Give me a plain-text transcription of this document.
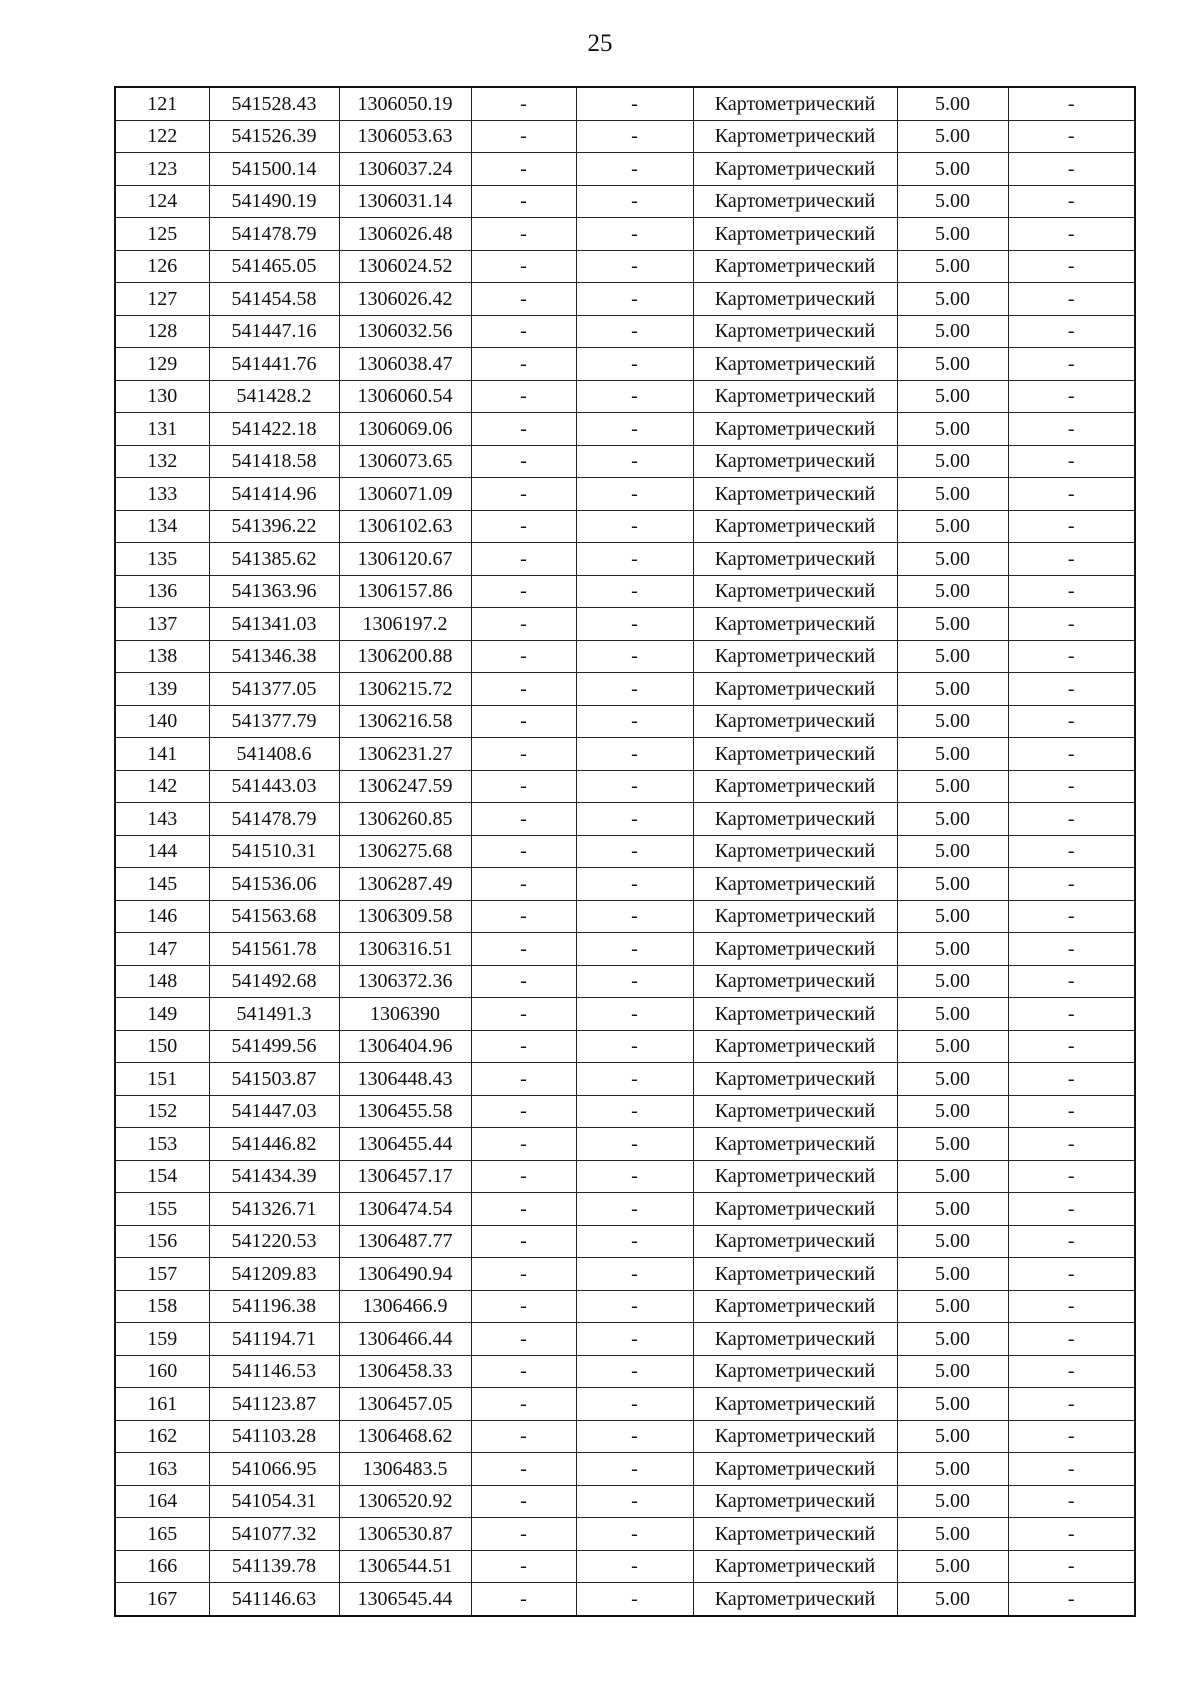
25
121	541528.43	1306050.19	-	-	Картометрический	5.00	-
122	541526.39	1306053.63	-	-	Картометрический	5.00	-
123	541500.14	1306037.24	-	-	Картометрический	5.00	-
124	541490.19	1306031.14	-	-	Картометрический	5.00	-
125	541478.79	1306026.48	-	-	Картометрический	5.00	-
126	541465.05	1306024.52	-	-	Картометрический	5.00	-
127	541454.58	1306026.42	-	-	Картометрический	5.00	-
128	541447.16	1306032.56	-	-	Картометрический	5.00	-
129	541441.76	1306038.47	-	-	Картометрический	5.00	-
130	541428.2	1306060.54	-	-	Картометрический	5.00	-
131	541422.18	1306069.06	-	-	Картометрический	5.00	-
132	541418.58	1306073.65	-	-	Картометрический	5.00	-
133	541414.96	1306071.09	-	-	Картометрический	5.00	-
134	541396.22	1306102.63	-	-	Картометрический	5.00	-
135	541385.62	1306120.67	-	-	Картометрический	5.00	-
136	541363.96	1306157.86	-	-	Картометрический	5.00	-
137	541341.03	1306197.2	-	-	Картометрический	5.00	-
138	541346.38	1306200.88	-	-	Картометрический	5.00	-
139	541377.05	1306215.72	-	-	Картометрический	5.00	-
140	541377.79	1306216.58	-	-	Картометрический	5.00	-
141	541408.6	1306231.27	-	-	Картометрический	5.00	-
142	541443.03	1306247.59	-	-	Картометрический	5.00	-
143	541478.79	1306260.85	-	-	Картометрический	5.00	-
144	541510.31	1306275.68	-	-	Картометрический	5.00	-
145	541536.06	1306287.49	-	-	Картометрический	5.00	-
146	541563.68	1306309.58	-	-	Картометрический	5.00	-
147	541561.78	1306316.51	-	-	Картометрический	5.00	-
148	541492.68	1306372.36	-	-	Картометрический	5.00	-
149	541491.3	1306390	-	-	Картометрический	5.00	-
150	541499.56	1306404.96	-	-	Картометрический	5.00	-
151	541503.87	1306448.43	-	-	Картометрический	5.00	-
152	541447.03	1306455.58	-	-	Картометрический	5.00	-
153	541446.82	1306455.44	-	-	Картометрический	5.00	-
154	541434.39	1306457.17	-	-	Картометрический	5.00	-
155	541326.71	1306474.54	-	-	Картометрический	5.00	-
156	541220.53	1306487.77	-	-	Картометрический	5.00	-
157	541209.83	1306490.94	-	-	Картометрический	5.00	-
158	541196.38	1306466.9	-	-	Картометрический	5.00	-
159	541194.71	1306466.44	-	-	Картометрический	5.00	-
160	541146.53	1306458.33	-	-	Картометрический	5.00	-
161	541123.87	1306457.05	-	-	Картометрический	5.00	-
162	541103.28	1306468.62	-	-	Картометрический	5.00	-
163	541066.95	1306483.5	-	-	Картометрический	5.00	-
164	541054.31	1306520.92	-	-	Картометрический	5.00	-
165	541077.32	1306530.87	-	-	Картометрический	5.00	-
166	541139.78	1306544.51	-	-	Картометрический	5.00	-
167	541146.63	1306545.44	-	-	Картометрический	5.00	-
